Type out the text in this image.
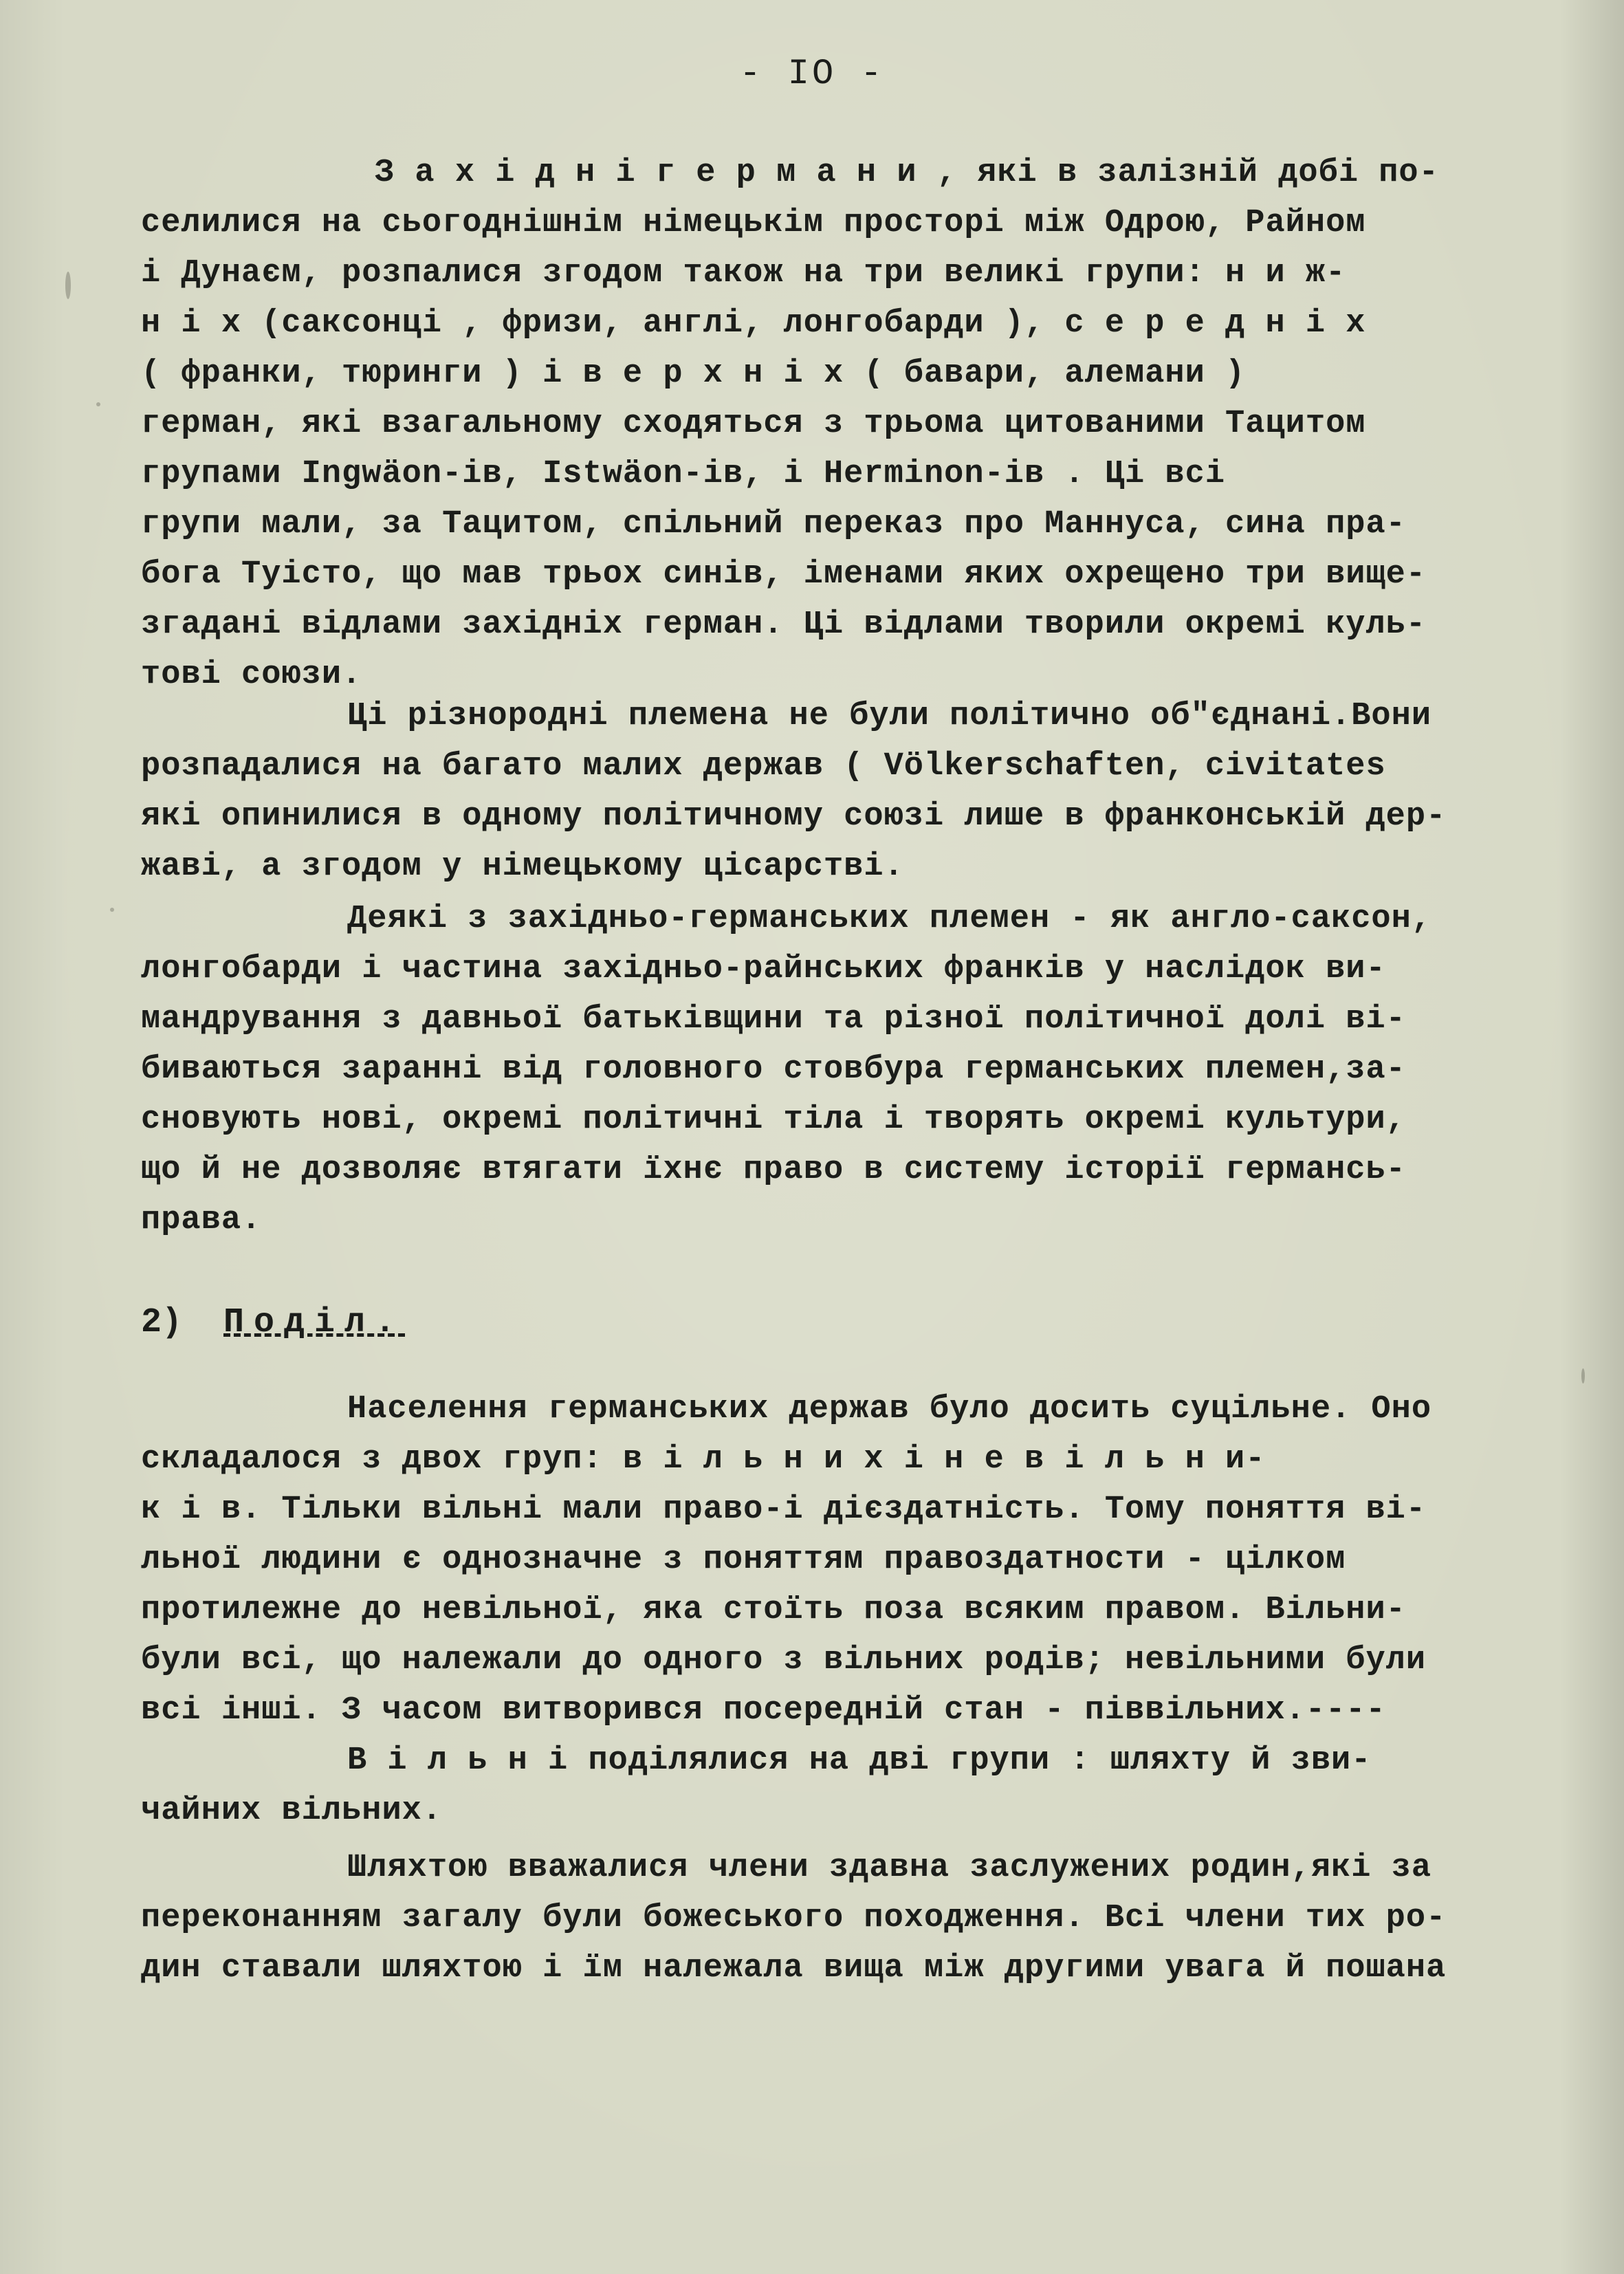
- IO -
З а х і д н і г е р м а н и , які в залізній добі по-
селилися на сьогоднішнім німецькім просторі між Одрою, Райном
і Дунаєм, розпалися згодом також на три великі групи: н и ж-
н і х (саксонці , фризи, англі, лонгобарди ), с е р е д н і х
( франки, тюринги ) і в е р х н і х ( бавари, алемани )
герман, які взагальному сходяться з трьома цитованими Тацитом
групами Ingwäon-ів, Istwäon-ів, і Herminon-ів . Ці всі
групи мали, за Тацитом, спільний переказ про Маннуса, сина пра-
бога Туісто, що мав трьох синів, іменами яких охрещено три вище-
згадані відлами західніх герман. Ці відлами творили окремі куль-
тові союзи.
Ці різнородні племена не були політично об"єднані.Вони
розпадалися на багато малих держав ( Völkerschaften, civitates
які опинилися в одному політичному союзі лише в франконській дер-
жаві, а згодом у німецькому цісарстві.
Деякі з західньо-германських племен - як англо-саксон,
лонгобарди і частина західньо-райнських франків у наслідок ви-
мандрування з давньої батьківщини та різної політичної долі ві-
биваються заранні від головного стовбура германських племен,за-
сновують нові, окремі політичні тіла і творять окремі культури,
що й не дозволяє втягати їхнє право в систему історії германсь-
права.
2) Поділ.
Населення германських держав було досить суцільне. Оно
складалося з двох груп: в і л ь н и х і н е в і л ь н и-
к і в. Тільки вільні мали право-і дієздатність. Тому поняття ві-
льної людини є однозначне з поняттям правоздатности - цілком
протилежне до невільної, яка стоїть поза всяким правом. Вільни-
були всі, що належали до одного з вільних родів; невільними були
всі інші. З часом витворився посередній стан - піввільних.----
В і л ь н і поділялися на дві групи : шляхту й зви-
чайних вільних.
Шляхтою вважалися члени здавна заслужених родин,які за
переконанням загалу були божеського походження. Всі члени тих ро-
дин ставали шляхтою і їм належала вища між другими увага й пошана
